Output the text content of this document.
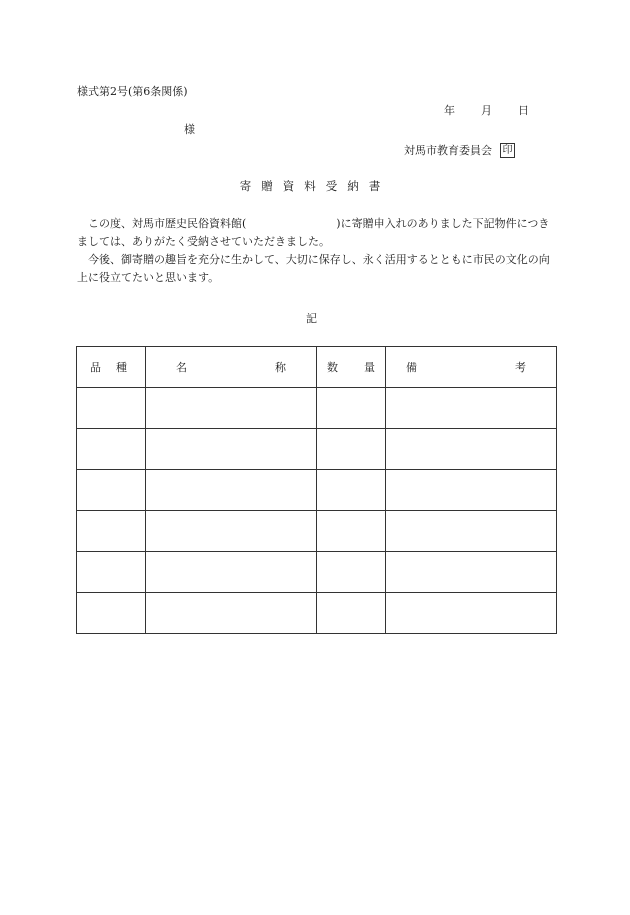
様式第2号(第6条関係)
年 月 日
様
対馬市教育委員会 印
寄贈資料受納書

　この度、対馬市歴史民俗資料館(	)に寄贈申入れのありました下記物件につきましては、ありがたく受納させていただきました。

　今後、御寄贈の趣旨を充分に生かして、大切に保存し、永く活用するとともに市民の文化の向上に役立てたいと思います。

記
品 種	名 称	数 量	備 考
